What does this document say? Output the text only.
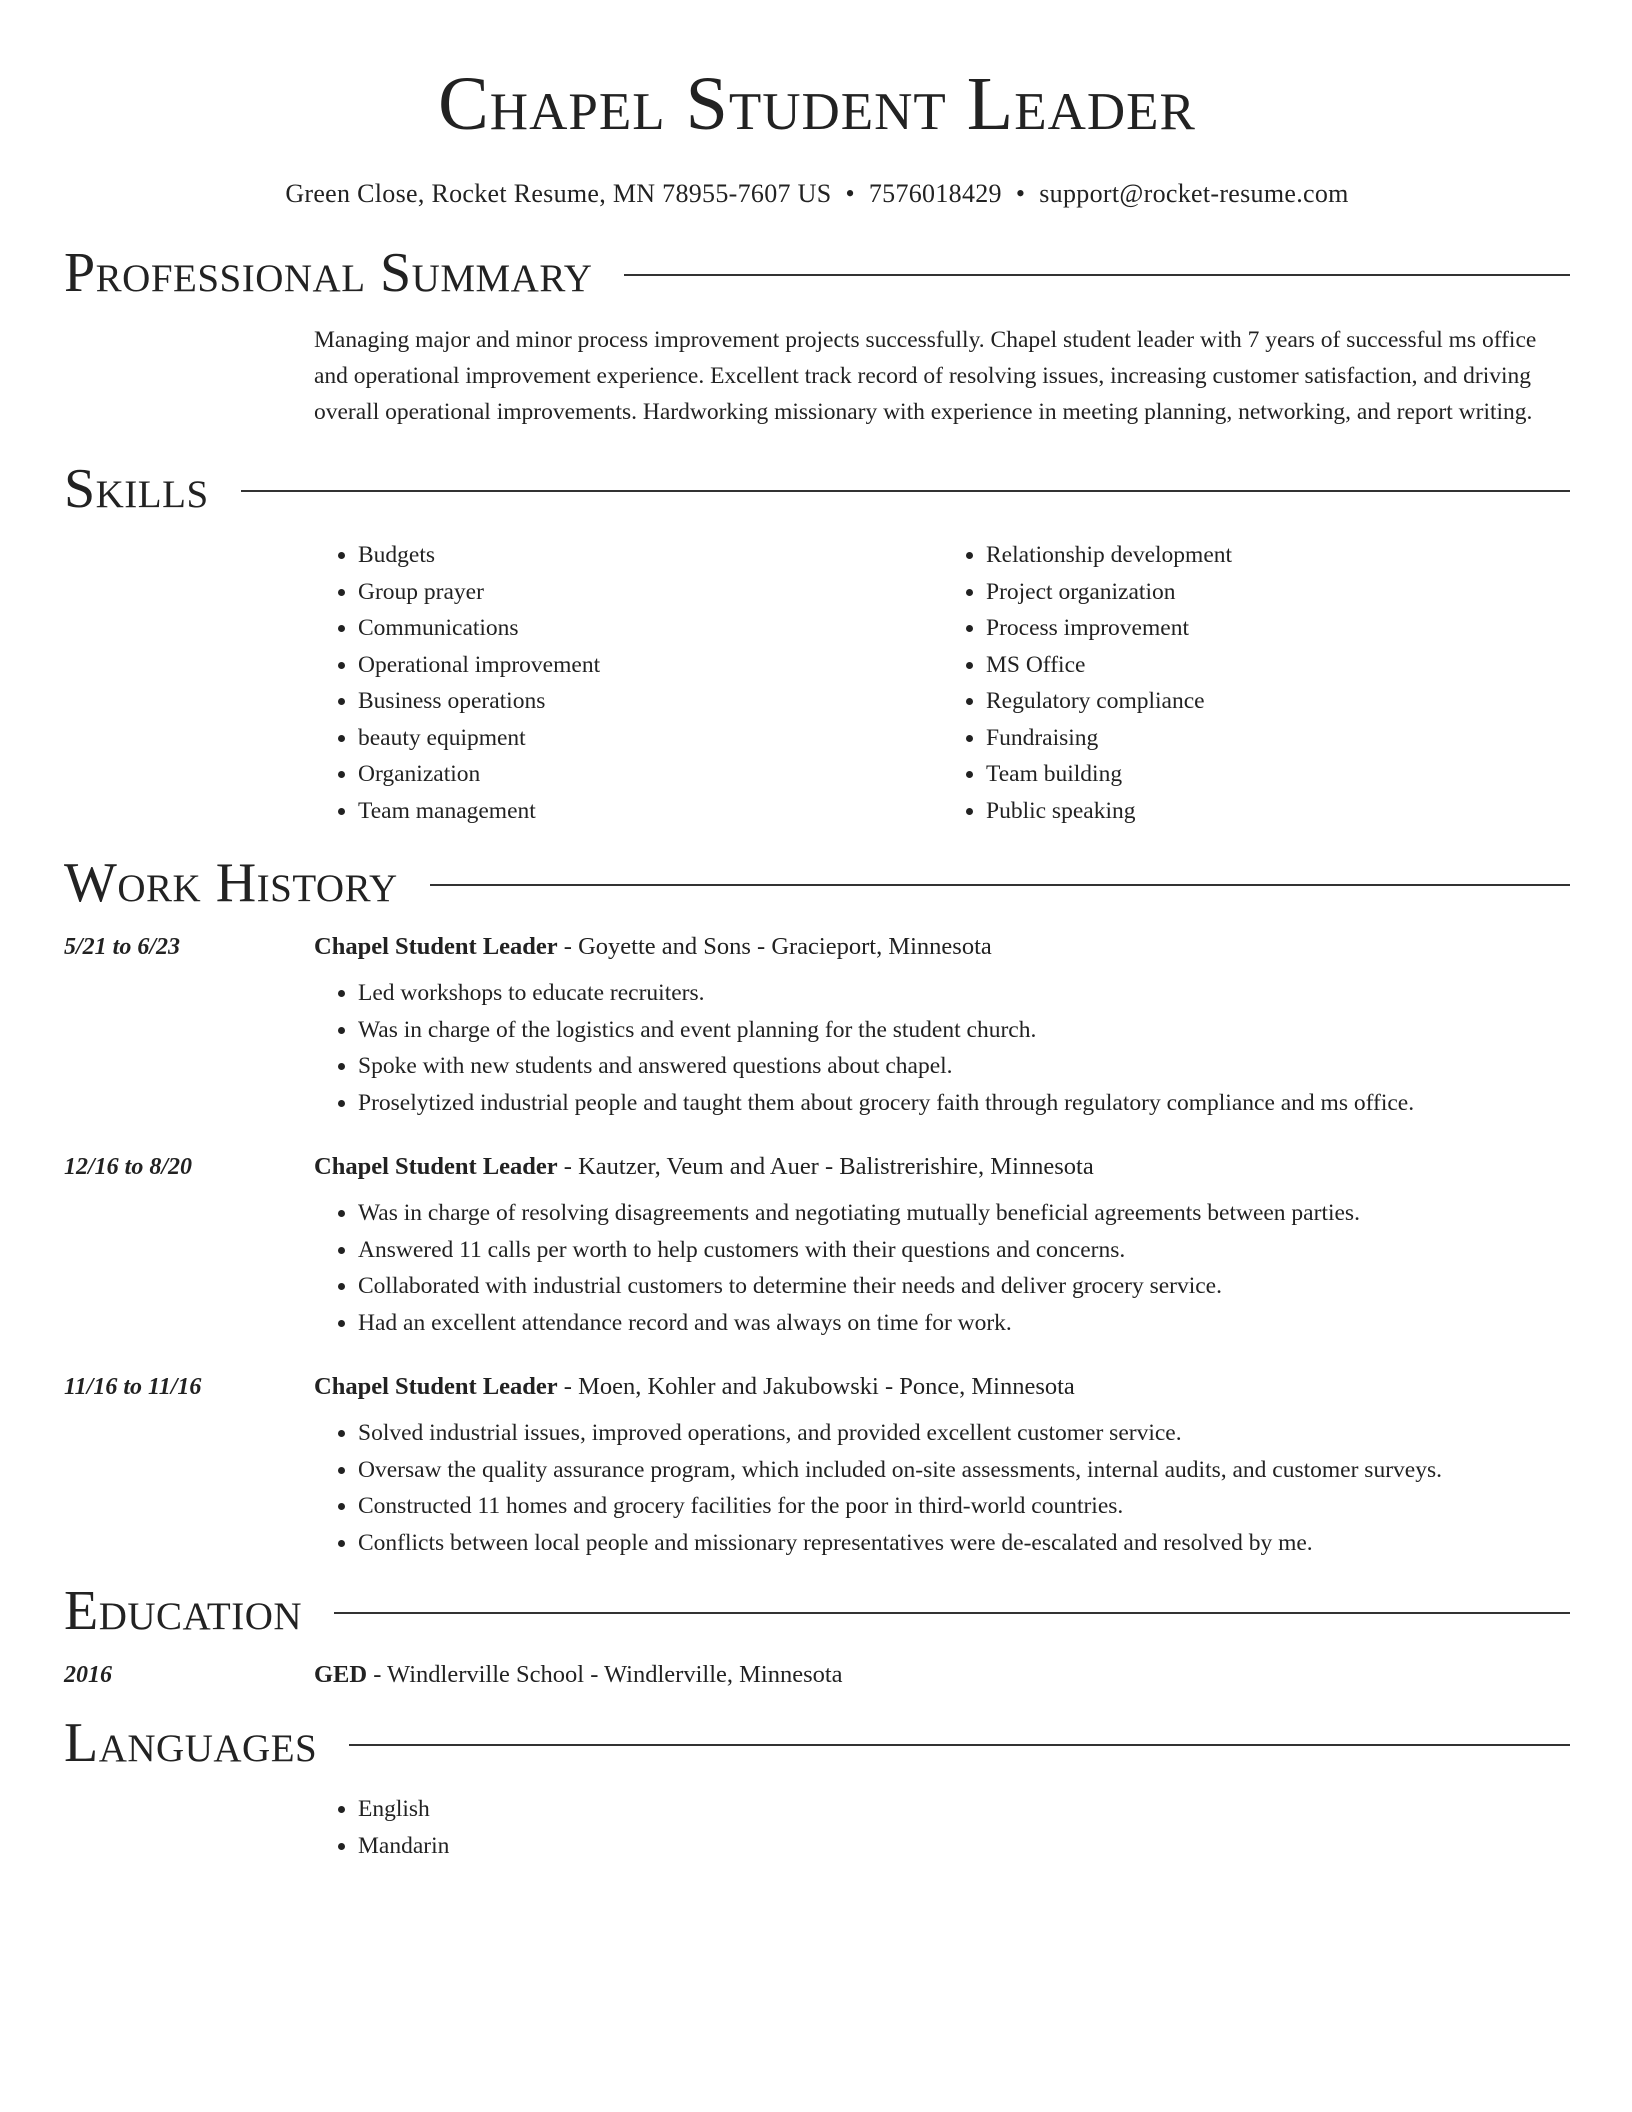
Chapel Student Leader
Green Close, Rocket Resume, MN 78955-7607 US • 7576018429 • support@rocket-resume.com
Professional Summary
Managing major and minor process improvement projects successfully. Chapel student leader with 7 years of successful ms office and operational improvement experience. Excellent track record of resolving issues, increasing customer satisfaction, and driving overall operational improvements. Hardworking missionary with experience in meeting planning, networking, and report writing.
Skills
• Budgets
• Group prayer
• Communications
• Operational improvement
• Business operations
• beauty equipment
• Organization
• Team management
• Relationship development
• Project organization
• Process improvement
• MS Office
• Regulatory compliance
• Fundraising
• Team building
• Public speaking
Work History
5/21 to 6/23	Chapel Student Leader - Goyette and Sons - Gracieport, Minnesota
• Led workshops to educate recruiters.
• Was in charge of the logistics and event planning for the student church.
• Spoke with new students and answered questions about chapel.
• Proselytized industrial people and taught them about grocery faith through regulatory compliance and ms office.
12/16 to 8/20	Chapel Student Leader - Kautzer, Veum and Auer - Balistrerishire, Minnesota
• Was in charge of resolving disagreements and negotiating mutually beneficial agreements between parties.
• Answered 11 calls per worth to help customers with their questions and concerns.
• Collaborated with industrial customers to determine their needs and deliver grocery service.
• Had an excellent attendance record and was always on time for work.
11/16 to 11/16	Chapel Student Leader - Moen, Kohler and Jakubowski - Ponce, Minnesota
• Solved industrial issues, improved operations, and provided excellent customer service.
• Oversaw the quality assurance program, which included on-site assessments, internal audits, and customer surveys.
• Constructed 11 homes and grocery facilities for the poor in third-world countries.
• Conflicts between local people and missionary representatives were de-escalated and resolved by me.
Education
2016	GED - Windlerville School - Windlerville, Minnesota
Languages
• English
• Mandarin
